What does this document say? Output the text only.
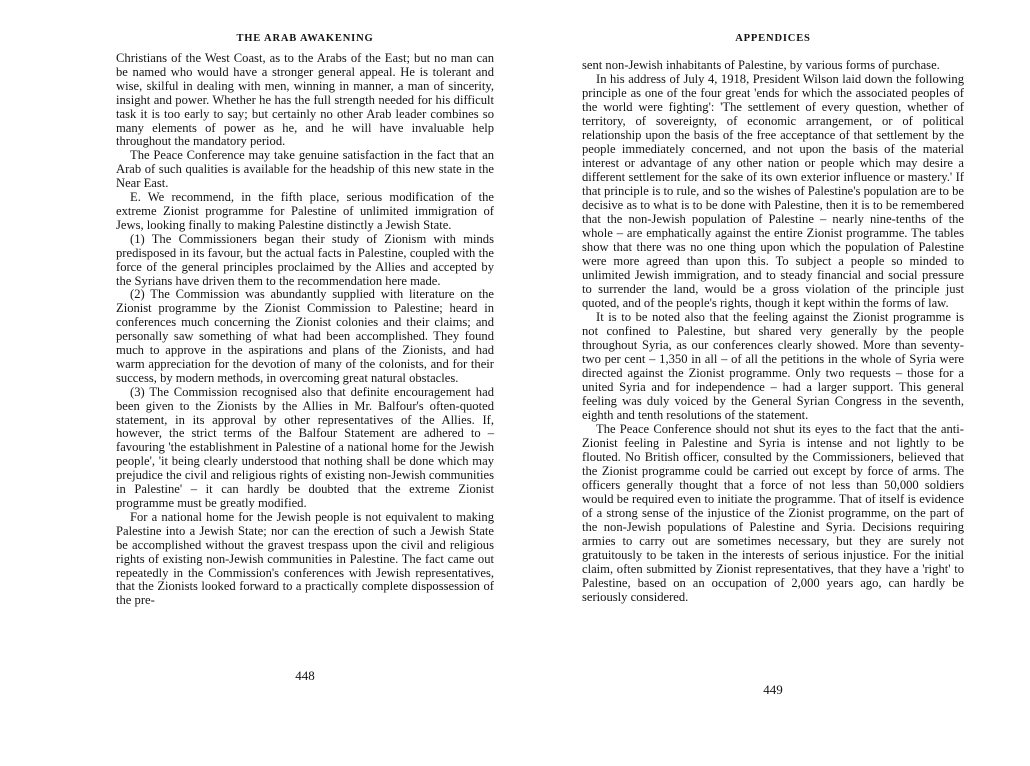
THE ARAB AWAKENING

Christians of the West Coast, as to the Arabs of the East; but no man can be named who would have a stronger general appeal. He is tolerant and wise, skilful in dealing with men, winning in manner, a man of sincerity, insight and power. Whether he has the full strength needed for his difficult task it is too early to say; but certainly no other Arab leader combines so many elements of power as he, and he will have invaluable help throughout the mandatory period.

The Peace Conference may take genuine satisfaction in the fact that an Arab of such qualities is available for the headship of this new state in the Near East.

E. We recommend, in the fifth place, serious modification of the extreme Zionist programme for Palestine of unlimited immigration of Jews, looking finally to making Palestine distinctly a Jewish State.

(1) The Commissioners began their study of Zionism with minds predisposed in its favour, but the actual facts in Palestine, coupled with the force of the general principles proclaimed by the Allies and accepted by the Syrians have driven them to the recommendation here made.

(2) The Commission was abundantly supplied with literature on the Zionist programme by the Zionist Commission to Palestine; heard in conferences much concerning the Zionist colonies and their claims; and personally saw something of what had been accomplished. They found much to approve in the aspirations and plans of the Zionists, and had warm appreciation for the devotion of many of the colonists, and for their success, by modern methods, in overcoming great natural obstacles.

(3) The Commission recognised also that definite encouragement had been given to the Zionists by the Allies in Mr. Balfour's often-quoted statement, in its approval by other representatives of the Allies. If, however, the strict terms of the Balfour Statement are adhered to – favouring 'the establishment in Palestine of a national home for the Jewish people', 'it being clearly understood that nothing shall be done which may prejudice the civil and religious rights of existing non-Jewish communities in Palestine' – it can hardly be doubted that the extreme Zionist programme must be greatly modified.

For a national home for the Jewish people is not equivalent to making Palestine into a Jewish State; nor can the erection of such a Jewish State be accomplished without the gravest trespass upon the civil and religious rights of existing non-Jewish communities in Palestine. The fact came out repeatedly in the Commission's conferences with Jewish representatives, that the Zionists looked forward to a practically complete dispossession of the pre-

448
APPENDICES

sent non-Jewish inhabitants of Palestine, by various forms of purchase.

In his address of July 4, 1918, President Wilson laid down the following principle as one of the four great 'ends for which the associated peoples of the world were fighting': 'The settlement of every question, whether of territory, of sovereignty, of economic arrangement, or of political relationship upon the basis of the free acceptance of that settlement by the people immediately concerned, and not upon the basis of the material interest or advantage of any other nation or people which may desire a different settlement for the sake of its own exterior influence or mastery.' If that principle is to rule, and so the wishes of Palestine's population are to be decisive as to what is to be done with Palestine, then it is to be remembered that the non-Jewish population of Palestine – nearly nine-tenths of the whole – are emphatically against the entire Zionist programme. The tables show that there was no one thing upon which the population of Palestine were more agreed than upon this. To subject a people so minded to unlimited Jewish immigration, and to steady financial and social pressure to surrender the land, would be a gross violation of the principle just quoted, and of the people's rights, though it kept within the forms of law.

It is to be noted also that the feeling against the Zionist programme is not confined to Palestine, but shared very generally by the people throughout Syria, as our conferences clearly showed. More than seventy-two per cent – 1,350 in all – of all the petitions in the whole of Syria were directed against the Zionist programme. Only two requests – those for a united Syria and for independence – had a larger support. This general feeling was duly voiced by the General Syrian Congress in the seventh, eighth and tenth resolutions of the statement.

The Peace Conference should not shut its eyes to the fact that the anti-Zionist feeling in Palestine and Syria is intense and not lightly to be flouted. No British officer, consulted by the Commissioners, believed that the Zionist programme could be carried out except by force of arms. The officers generally thought that a force of not less than 50,000 soldiers would be required even to initiate the programme. That of itself is evidence of a strong sense of the injustice of the Zionist programme, on the part of the non-Jewish populations of Palestine and Syria. Decisions requiring armies to carry out are sometimes necessary, but they are surely not gratuitously to be taken in the interests of serious injustice. For the initial claim, often submitted by Zionist representatives, that they have a 'right' to Palestine, based on an occupation of 2,000 years ago, can hardly be seriously considered.

449
